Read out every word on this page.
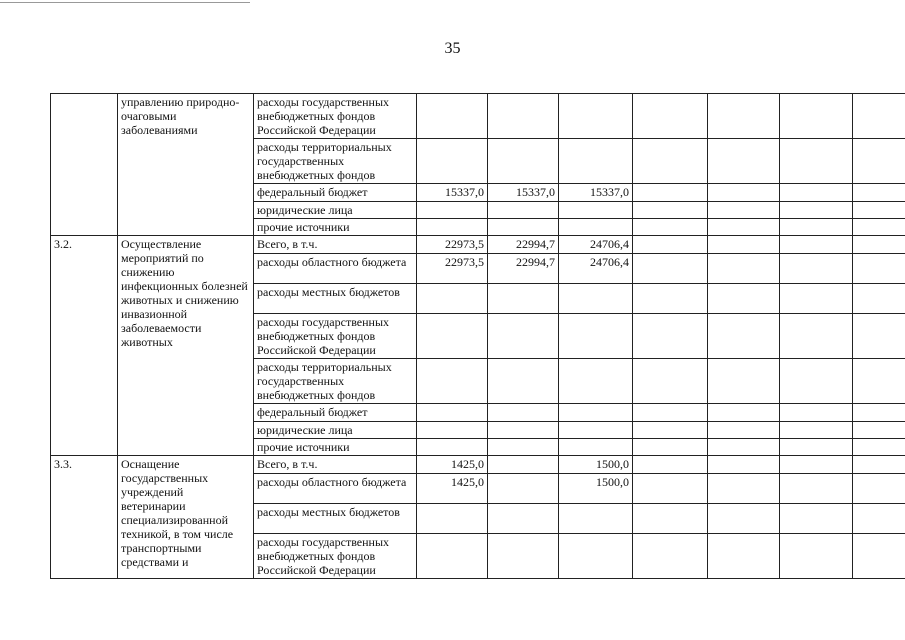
35
	управлению природно-очаговыми заболеваниями	расходы государственных внебюджетных фондов Российской Федерации							
		расходы территориальных государственных внебюджетных фондов							
		федеральный бюджет	15337,0	15337,0	15337,0				
		юридические лица							
		прочие источники							
3.2.	Осуществление мероприятий по снижению инфекционных болезней животных и снижению инвазионной заболеваемости животных	Всего, в т.ч.	22973,5	22994,7	24706,4				
		расходы областного бюджета	22973,5	22994,7	24706,4				
		расходы местных бюджетов							
		расходы государственных внебюджетных фондов Российской Федерации							
		расходы территориальных государственных внебюджетных фондов							
		федеральный бюджет							
		юридические лица							
		прочие источники							
3.3.	Оснащение государственных учреждений ветеринарии специализированной техникой, в том числе транспортными средствами и	Всего, в т.ч.	1425,0		1500,0				
		расходы областного бюджета	1425,0		1500,0				
		расходы местных бюджетов							
		расходы государственных внебюджетных фондов Российской Федерации							
